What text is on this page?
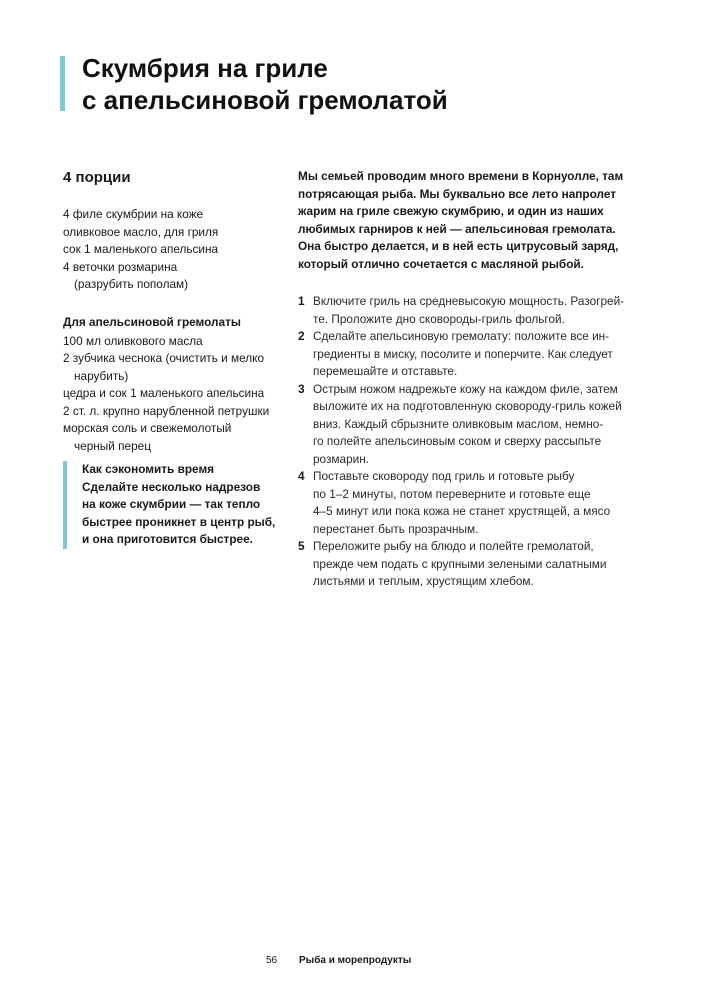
Скумбрия на гриле
с апельсиновой гремолатой
4 порции
4 филе скумбрии на коже
оливковое масло, для гриля
сок 1 маленького апельсина
4 веточки розмарина
(разрубить пополам)
Для апельсиновой гремолаты
100 мл оливкового масла
2 зубчика чеснока (очистить и мелко
нарубить)
цедра и сок 1 маленького апельсина
2 ст. л. крупно нарубленной петрушки
морская соль и свежемолотый
черный перец
Как сэкономить время
Сделайте несколько надрезов
на коже скумбрии — так тепло
быстрее проникнет в центр рыб,
и она приготовится быстрее.
Мы семьей проводим много времени в Корнуолле, там
потрясающая рыба. Мы буквально все лето напролет
жарим на гриле свежую скумбрию, и один из наших
любимых гарниров к ней — апельсиновая гремолата.
Она быстро делается, и в ней есть цитрусовый заряд,
который отлично сочетается с масляной рыбой.
1 Включите гриль на средневысокую мощность. Разогрей-
те. Проложите дно сковороды-гриль фольгой.
2 Сделайте апельсиновую гремолату: положите все ин-
гредиенты в миску, посолите и поперчите. Как следует
перемешайте и отставьте.
3 Острым ножом надрежьте кожу на каждом филе, затем
выложите их на подготовленную сковороду-гриль кожей
вниз. Каждый сбрызните оливковым маслом, немно-
го полейте апельсиновым соком и сверху рассыпьте
розмарин.
4 Поставьте сковороду под гриль и готовьте рыбу
по 1–2 минуты, потом переверните и готовьте еще
4–5 минут или пока кожа не станет хрустящей, а мясо
перестанет быть прозрачным.
5 Переложите рыбу на блюдо и полейте гремолатой,
прежде чем подать с крупными зелеными салатными
листьями и теплым, хрустящим хлебом.
56 Рыба и морепродукты
